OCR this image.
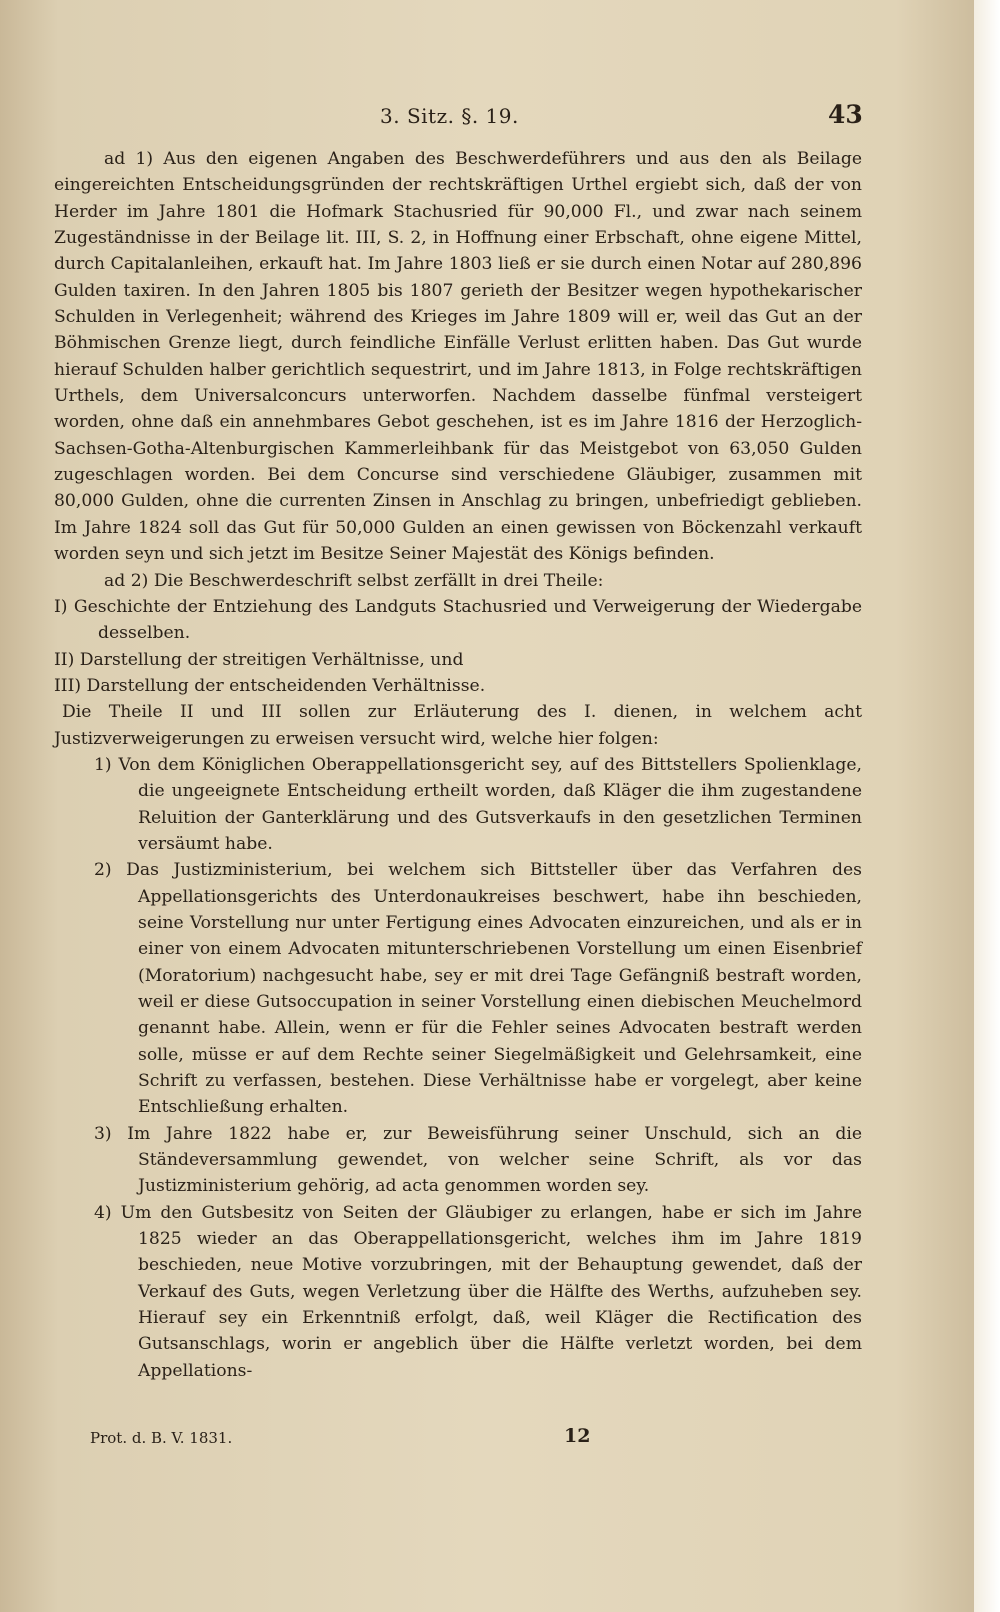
3. Sitz. §. 19.	43

ad 1) Aus den eigenen Angaben des Beschwerdeführers und aus den als Beilage eingereichten Entscheidungsgründen der rechtskräftigen Urthel ergiebt sich, daß der von Herder im Jahre 1801 die Hofmark Stachusried für 90,000 Fl., und zwar nach seinem Zugeständnisse in der Beilage lit. III, S. 2, in Hoffnung einer Erbschaft, ohne eigene Mittel, durch Capitalanleihen, erkauft hat. Im Jahre 1803 ließ er sie durch einen Notar auf 280,896 Gulden taxiren. In den Jahren 1805 bis 1807 gerieth der Besitzer wegen hypothekarischer Schulden in Verlegenheit; während des Krieges im Jahre 1809 will er, weil das Gut an der Böhmischen Grenze liegt, durch feindliche Einfälle Verlust erlitten haben. Das Gut wurde hierauf Schulden halber gerichtlich sequestrirt, und im Jahre 1813, in Folge rechtskräftigen Urthels, dem Universalconcurs unterworfen. Nachdem dasselbe fünfmal versteigert worden, ohne daß ein annehmbares Gebot geschehen, ist es im Jahre 1816 der Herzoglich-Sachsen-Gotha-Altenburgischen Kammerleihbank für das Meistgebot von 63,050 Gulden zugeschlagen worden. Bei dem Concurse sind verschiedene Gläubiger, zusammen mit 80,000 Gulden, ohne die currenten Zinsen in Anschlag zu bringen, unbefriedigt geblieben. Im Jahre 1824 soll das Gut für 50,000 Gulden an einen gewissen von Böckenzahl verkauft worden seyn und sich jetzt im Besitze Seiner Majestät des Königs befinden.

ad 2) Die Beschwerdeschrift selbst zerfällt in drei Theile:

I) Geschichte der Entziehung des Landguts Stachusried und Verweigerung der Wiedergabe desselben.

II) Darstellung der streitigen Verhältnisse, und

III) Darstellung der entscheidenden Verhältnisse.

Die Theile II und III sollen zur Erläuterung des I. dienen, in welchem acht Justizverweigerungen zu erweisen versucht wird, welche hier folgen:

1) Von dem Königlichen Oberappellationsgericht sey, auf des Bittstellers Spolienklage, die ungeeignete Entscheidung ertheilt worden, daß Kläger die ihm zugestandene Reluition der Ganterklärung und des Gutsverkaufs in den gesetzlichen Terminen versäumt habe.

2) Das Justizministerium, bei welchem sich Bittsteller über das Verfahren des Appellationsgerichts des Unterdonaukreises beschwert, habe ihn beschieden, seine Vorstellung nur unter Fertigung eines Advocaten einzureichen, und als er in einer von einem Advocaten mitunterschriebenen Vorstellung um einen Eisenbrief (Moratorium) nachgesucht habe, sey er mit drei Tage Gefängniß bestraft worden, weil er diese Gutsoccupation in seiner Vorstellung einen diebischen Meuchelmord genannt habe. Allein, wenn er für die Fehler seines Advocaten bestraft werden solle, müsse er auf dem Rechte seiner Siegelmäßigkeit und Gelehrsamkeit, eine Schrift zu verfassen, bestehen. Diese Verhältnisse habe er vorgelegt, aber keine Entschließung erhalten.

3) Im Jahre 1822 habe er, zur Beweisführung seiner Unschuld, sich an die Ständeversammlung gewendet, von welcher seine Schrift, als vor das Justizministerium gehörig, ad acta genommen worden sey.

4) Um den Gutsbesitz von Seiten der Gläubiger zu erlangen, habe er sich im Jahre 1825 wieder an das Oberappellationsgericht, welches ihm im Jahre 1819 beschieden, neue Motive vorzubringen, mit der Behauptung gewendet, daß der Verkauf des Guts, wegen Verletzung über die Hälfte des Werths, aufzuheben sey. Hierauf sey ein Erkenntniß erfolgt, daß, weil Kläger die Rectification des Gutsanschlags, worin er angeblich über die Hälfte verletzt worden, bei dem Appellations-

Prot. d. B. V. 1831.	12
